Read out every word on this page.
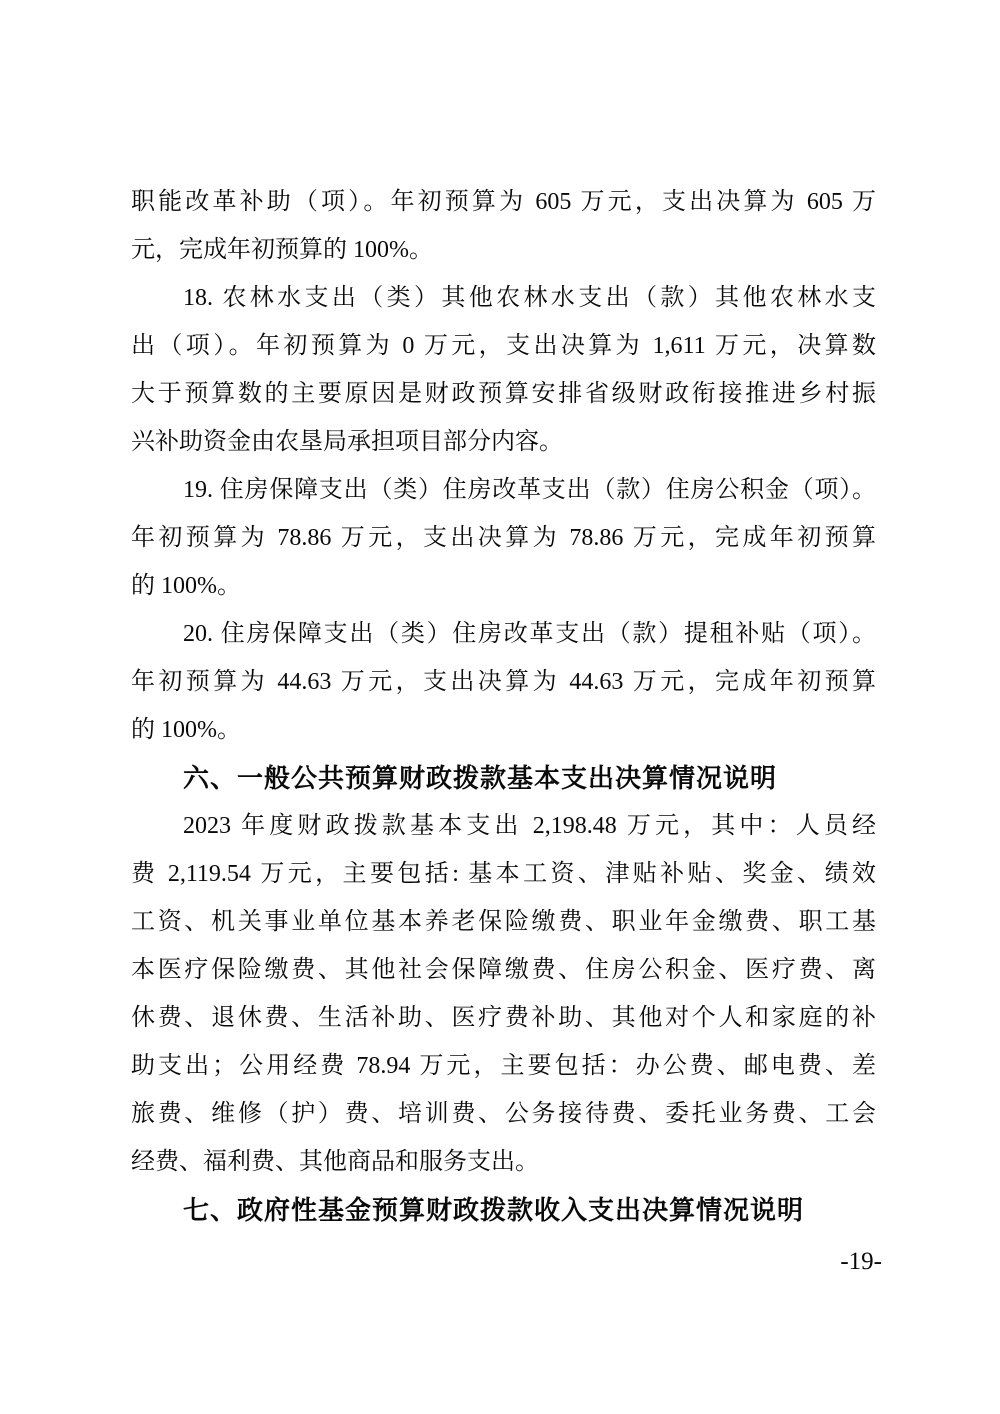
职能改革补助（项）。年初预算为 605 万元，支出决算为 605 万
元，完成年初预算的 100%。
18. 农林水支出（类）其他农林水支出（款）其他农林水支
出（项）。年初预算为 0 万元，支出决算为 1,611 万元，决算数
大于预算数的主要原因是财政预算安排省级财政衔接推进乡村振
兴补助资金由农垦局承担项目部分内容。
19. 住房保障支出（类）住房改革支出（款）住房公积金（项）。
年初预算为 78.86 万元，支出决算为 78.86 万元，完成年初预算
的 100%。
20. 住房保障支出（类）住房改革支出（款）提租补贴（项）。
年初预算为 44.63 万元，支出决算为 44.63 万元，完成年初预算
的 100%。
六、一般公共预算财政拨款基本支出决算情况说明
2023 年度财政拨款基本支出 2,198.48 万元，其中：人员经
费 2,119.54 万元，主要包括: 基本工资、津贴补贴、奖金、绩效
工资、机关事业单位基本养老保险缴费、职业年金缴费、职工基
本医疗保险缴费、其他社会保障缴费、住房公积金、医疗费、离
休费、退休费、生活补助、医疗费补助、其他对个人和家庭的补
助支出；公用经费 78.94 万元，主要包括：办公费、邮电费、差
旅费、维修（护）费、培训费、公务接待费、委托业务费、工会
经费、福利费、其他商品和服务支出。
七、政府性基金预算财政拨款收入支出决算情况说明
-19-
